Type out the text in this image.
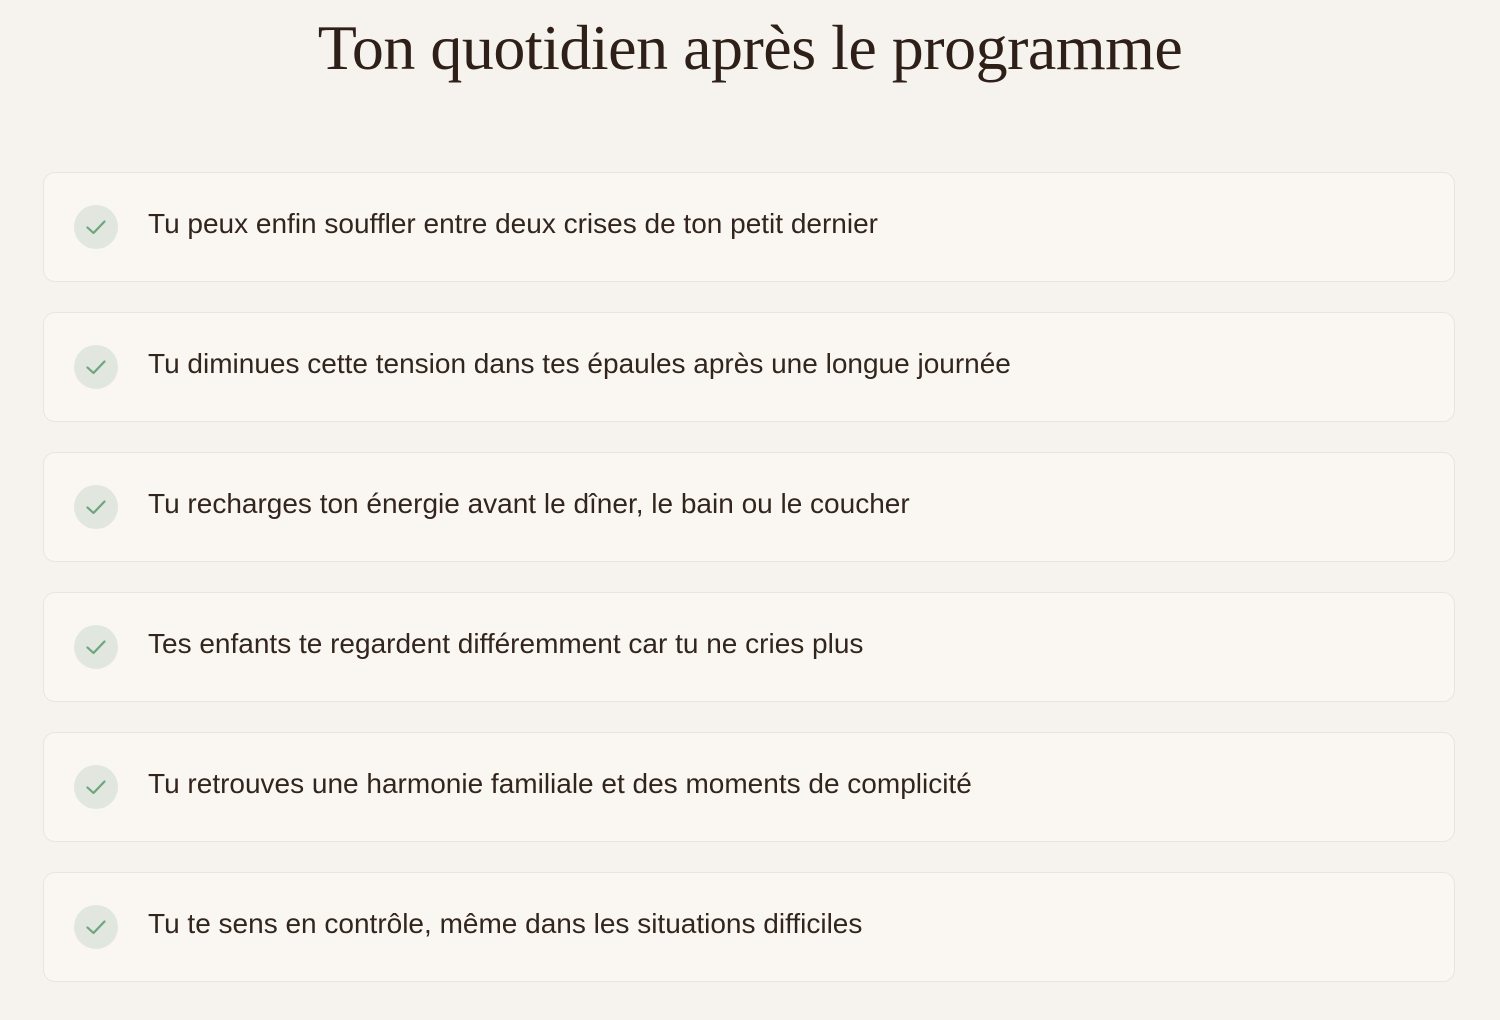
Ton quotidien après le programme
Tu peux enfin souffler entre deux crises de ton petit dernier
Tu diminues cette tension dans tes épaules après une longue journée
Tu recharges ton énergie avant le dîner, le bain ou le coucher
Tes enfants te regardent différemment car tu ne cries plus
Tu retrouves une harmonie familiale et des moments de complicité
Tu te sens en contrôle, même dans les situations difficiles
